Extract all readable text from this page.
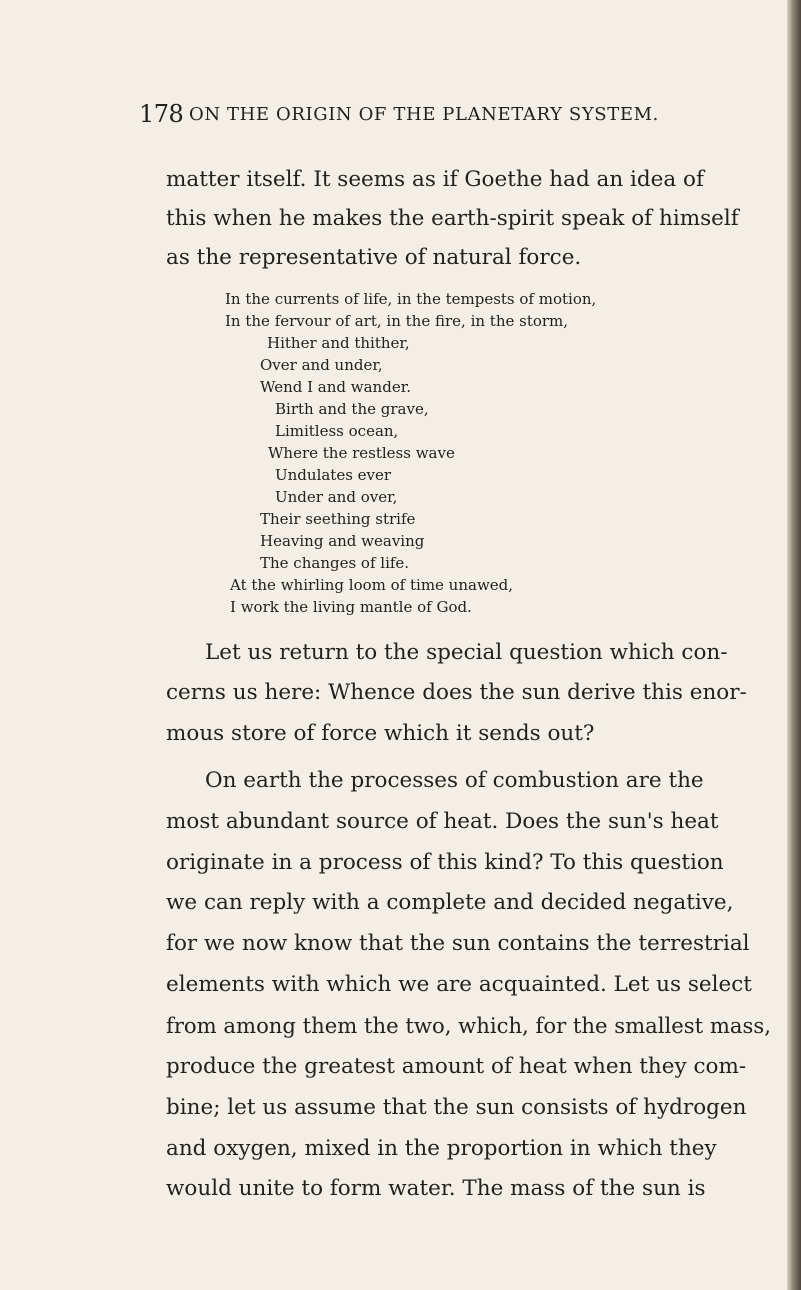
178 ON THE ORIGIN OF THE PLANETARY SYSTEM.

matter itself. It seems as if Goethe had an idea of

this when he makes the earth-spirit speak of himself

as the representative of natural force.

In the currents of life, in the tempests of motion,

In the fervour of art, in the fire, in the storm,

Hither and thither,

Over and under,

Wend I and wander.

Birth and the grave,

Limitless ocean,

Where the restless wave

Undulates ever

Under and over,

Their seething strife

Heaving and weaving

The changes of life.

At the whirling loom of time unawed,

I work the living mantle of God.

Let us return to the special question which con-

cerns us here: Whence does the sun derive this enor-

mous store of force which it sends out?

On earth the processes of combustion are the

most abundant source of heat. Does the sun's heat

originate in a process of this kind? To this question

we can reply with a complete and decided negative,

for we now know that the sun contains the terrestrial

elements with which we are acquainted. Let us select

from among them the two, which, for the smallest mass,

produce the greatest amount of heat when they com-

bine; let us assume that the sun consists of hydrogen

and oxygen, mixed in the proportion in which they

would unite to form water. The mass of the sun is
